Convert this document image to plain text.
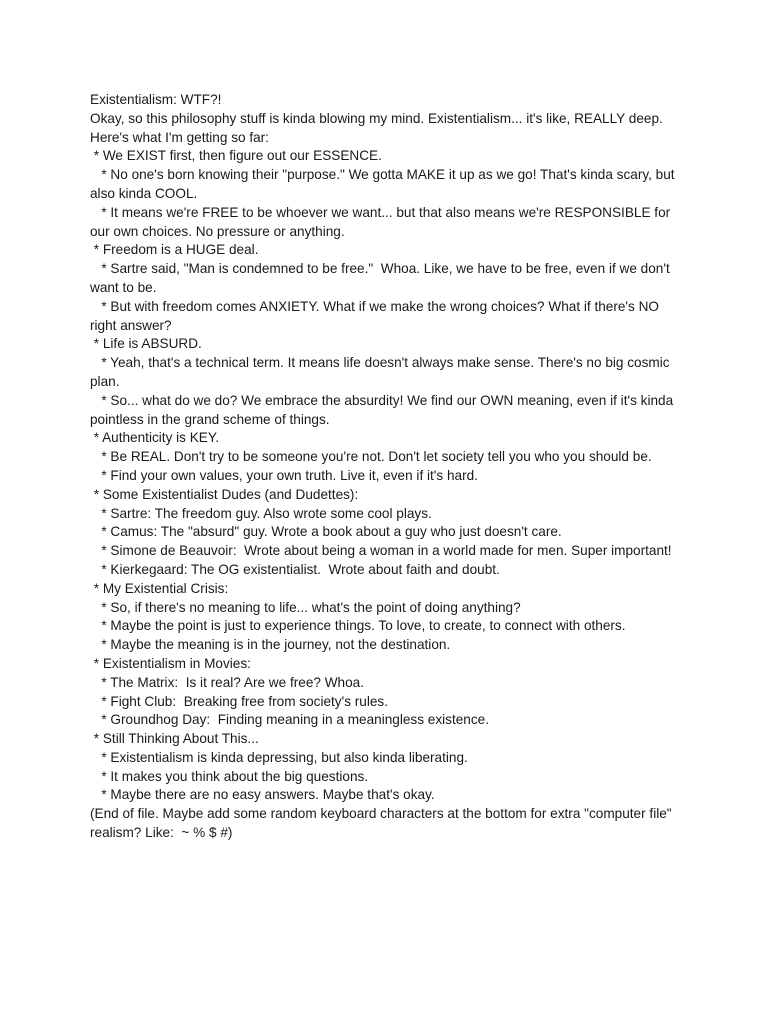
Existentialism: WTF?!

Okay, so this philosophy stuff is kinda blowing my mind. Existentialism... it's like, REALLY deep. Here's what I'm getting so far:

* We EXIST first, then figure out our ESSENCE.

* No one's born knowing their "purpose." We gotta MAKE it up as we go! That's kinda scary, but also kinda COOL.

* It means we're FREE to be whoever we want... but that also means we're RESPONSIBLE for our own choices. No pressure or anything.

* Freedom is a HUGE deal.

* Sartre said, "Man is condemned to be free."  Whoa. Like, we have to be free, even if we don't want to be.

* But with freedom comes ANXIETY. What if we make the wrong choices? What if there's NO right answer?

* Life is ABSURD.

* Yeah, that's a technical term. It means life doesn't always make sense. There's no big cosmic plan.

* So... what do we do? We embrace the absurdity! We find our OWN meaning, even if it's kinda pointless in the grand scheme of things.

* Authenticity is KEY.

* Be REAL. Don't try to be someone you're not. Don't let society tell you who you should be.

* Find your own values, your own truth. Live it, even if it's hard.

* Some Existentialist Dudes (and Dudettes):

* Sartre: The freedom guy. Also wrote some cool plays.

* Camus: The "absurd" guy. Wrote a book about a guy who just doesn't care.

* Simone de Beauvoir:  Wrote about being a woman in a world made for men. Super important!

* Kierkegaard: The OG existentialist.  Wrote about faith and doubt.

* My Existential Crisis:

* So, if there's no meaning to life... what's the point of doing anything?

* Maybe the point is just to experience things. To love, to create, to connect with others.

* Maybe the meaning is in the journey, not the destination.

* Existentialism in Movies:

* The Matrix:  Is it real? Are we free? Whoa.

* Fight Club:  Breaking free from society's rules.

* Groundhog Day:  Finding meaning in a meaningless existence.

* Still Thinking About This...

* Existentialism is kinda depressing, but also kinda liberating.

* It makes you think about the big questions.

* Maybe there are no easy answers. Maybe that's okay.

(End of file. Maybe add some random keyboard characters at the bottom for extra "computer file" realism? Like:  ~ % $ #)
